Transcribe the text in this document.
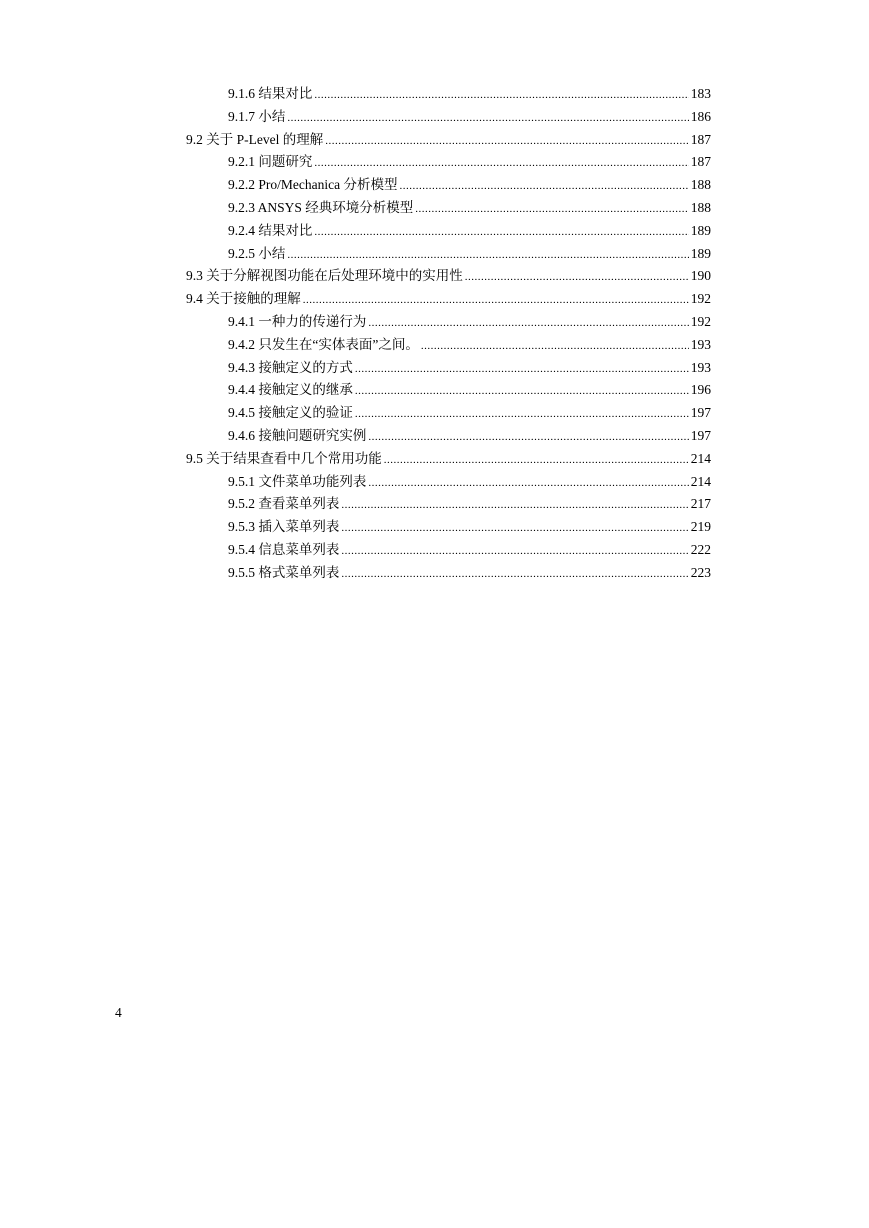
9.1.6 结果对比 .....	183
9.1.7 小结 .....	186
9.2 关于 P-Level 的理解 .....	187
9.2.1 问题研究 .....	187
9.2.2 Pro/Mechanica 分析模型 .....	188
9.2.3 ANSYS 经典环境分析模型 .....	188
9.2.4 结果对比 .....	189
9.2.5 小结 .....	189
9.3 关于分解视图功能在后处理环境中的实用性 .....	190
9.4 关于接触的理解 .....	192
9.4.1 一种力的传递行为 .....	192
9.4.2 只发生在“实体表面”之间。 .....	193
9.4.3 接触定义的方式 .....	193
9.4.4 接触定义的继承 .....	196
9.4.5 接触定义的验证 .....	197
9.4.6 接触问题研究实例 .....	197
9.5 关于结果查看中几个常用功能 .....	214
9.5.1 文件菜单功能列表 .....	214
9.5.2 查看菜单列表 .....	217
9.5.3 插入菜单列表 .....	219
9.5.4 信息菜单列表 .....	222
9.5.5 格式菜单列表 .....	223
4
